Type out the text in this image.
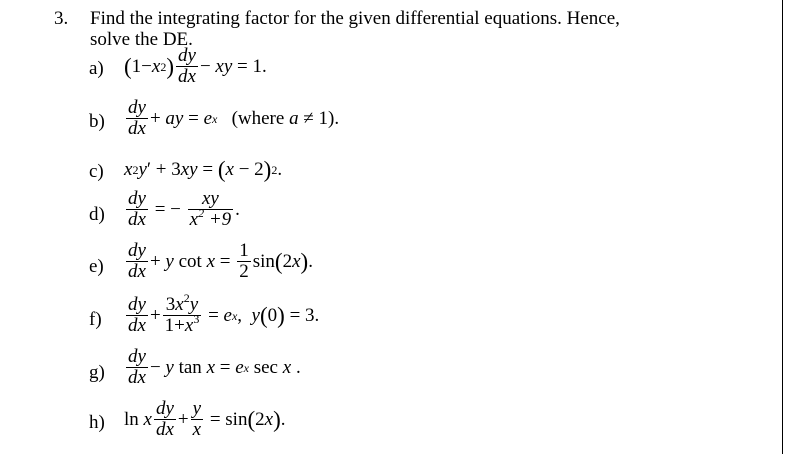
3. Find the integrating factor for the given differential equations. Hence, solve the DE.
a) ( 1− x 2 ) $\frac{dy}{dx}$ − xy = 1.
$b) \frac{dy}{dx}$ + ay = e x (where a ≠ 1).
c) x 2 y ′ + 3 xy = ( x − 2 ) 2 .
$d) \frac{dy}{dx}$ = − $\frac{xy}{x^2 +9}$ .
$e) \frac{dy}{dx} + y$ $\cot x = \frac{1}{2}$ sin ( 2 x ) .
$f) \frac{dy}{dx} + \frac{3x^2y}{1+x^3} = e$ x , y ( 0 ) = 3.
$g) \frac{dy}{dx} - y$ tan x = e x sec x .
h) ln x $\frac{dy}{dx} + \frac{y}{x} = \sin$ ( 2 x ) .
